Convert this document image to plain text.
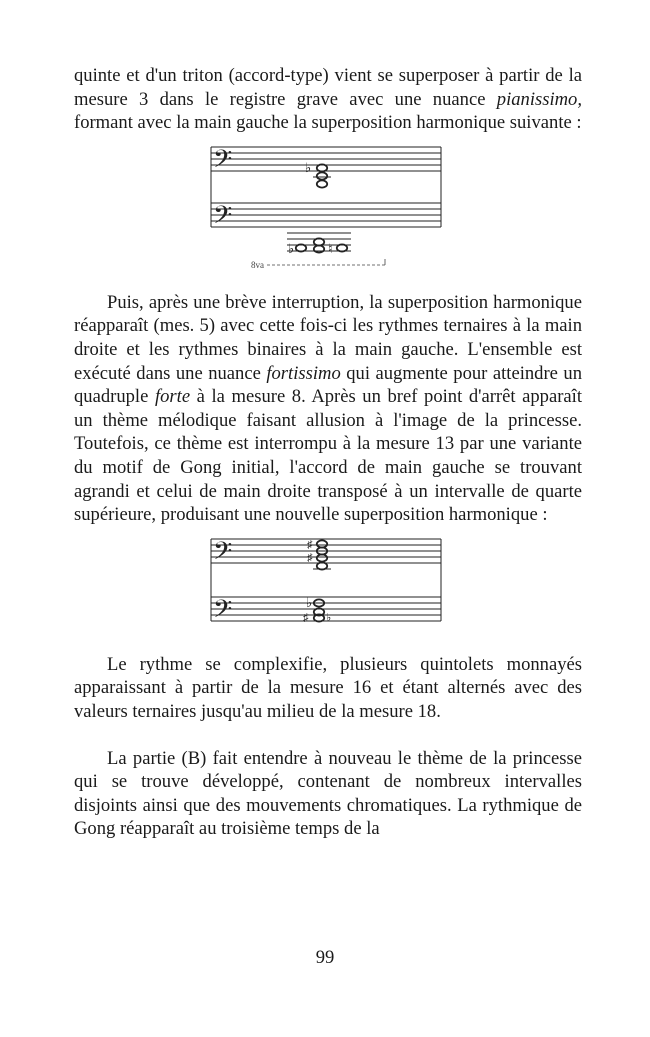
quinte et d'un triton (accord-type) vient se superposer à partir de la mesure 3 dans le registre grave avec une nuance pianissimo, formant avec la main gauche la superposition harmonique suivante :

𝄢
𝄢
♭
♭	♮
8va

Puis, après une brève interruption, la superposition harmonique réapparaît (mes. 5) avec cette fois-ci les rythmes ternaires à la main droite et les rythmes binaires à la main gauche. L'ensemble est exécuté dans une nuance fortissimo qui augmente pour atteindre un quadruple forte à la mesure 8. Après un bref point d'arrêt apparaît un thème mélodique faisant allusion à l'image de la princesse. Toutefois, ce thème est interrompu à la mesure 13 par une variante du motif de Gong initial, l'accord de main gauche se trouvant agrandi et celui de main droite transposé à un intervalle de quarte supérieure, produisant une nouvelle superposition harmonique :

𝄢
𝄢
♯
♯
♭
♯ ♭

Le rythme se complexifie, plusieurs quintolets monnayés apparaissant à partir de la mesure 16 et étant alternés avec des valeurs ternaires jusqu'au milieu de la mesure 18.

La partie (B) fait entendre à nouveau le thème de la princesse qui se trouve développé, contenant de nombreux intervalles disjoints ainsi que des mouvements chromatiques. La rythmique de Gong réapparaît au troisième temps de la

99
